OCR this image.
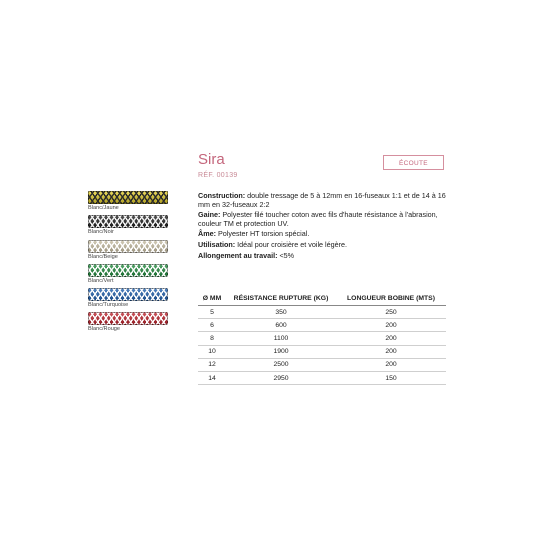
Blanc/Jaune
Blanc/Noir
Blanc/Beige
Blanc/Vert
Blanc/Turquoise
Blanc/Rouge
Sira
RÉF. 00139
ÉCOUTE

Construction: double tressage de 5 à 12mm en 16-fuseaux 1:1 et de 14 à 16 mm en 32-fuseaux 2:2

Gaine: Polyester filé toucher coton avec fils d'haute résistance à l'abrasion, couleur TM et protection UV.

Âme: Polyester HT torsion spécial.

Utilisation: Idéal pour croisière et voile légère.

Allongement au travail: <5%

Ø MM	RÉSISTANCE RUPTURE (KG)	LONGUEUR BOBINE (MTS)
5	350	250
6	600	200
8	1100	200
10	1900	200
12	2500	200
14	2950	150
